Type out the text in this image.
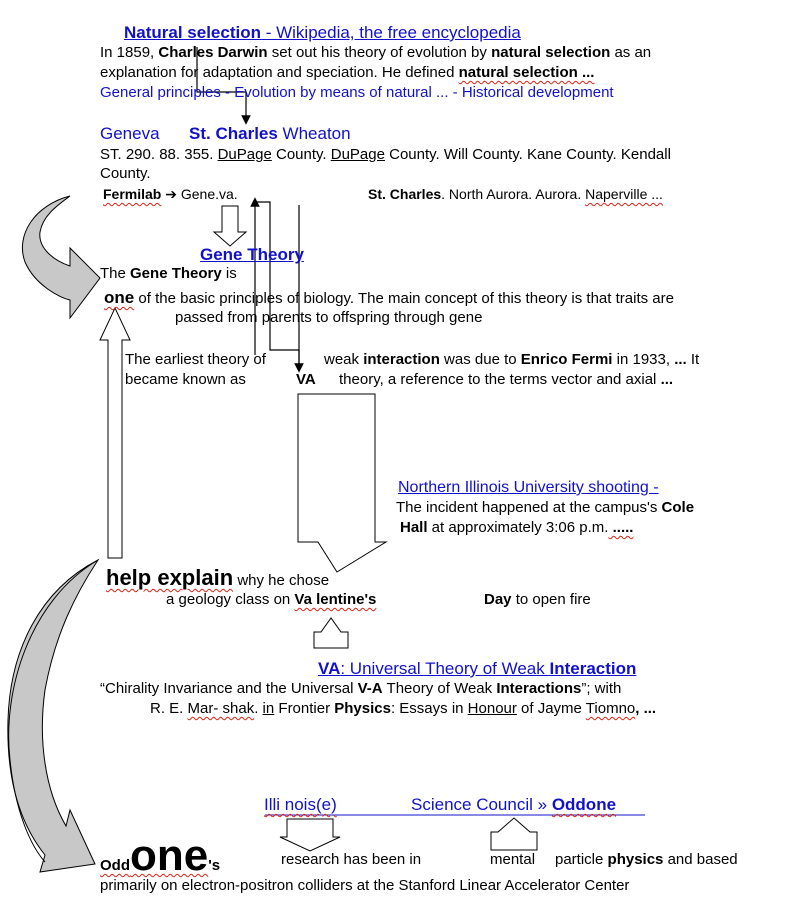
Natural selection - Wikipedia, the free encyclopedia
In 1859, Charles Darwin set out his theory of evolution by natural selection as an
explanation for adaptation and speciation. He defined natural selection ...
General principles - Evolution by means of natural ... - Historical development
Geneva St. Charles Wheaton
ST. 290. 88. 355. DuPage County. DuPage County. Will County. Kane County. Kendall
County.
Fermilab ➔ Gene.va.	St. Charles. North Aurora. Aurora. Naperville ...
Gene Theory
The Gene Theory is
one of the basic principles of biology. The main concept of this theory is that traits are
passed from parents to offspring through gene
The earliest theory of	weak interaction was due to Enrico Fermi in 1933, ... It
became known as	VA theory, a reference to the terms vector and axial ...
Northern Illinois University shooting -
The incident happened at the campus's Cole
Hall at approximately 3:06 p.m. .....
help explain why he chose
a geology class on Va lentine's	Day to open fire
VA: Universal Theory of Weak Interaction
“Chirality Invariance and the Universal V-A Theory of Weak Interactions”; with
R. E. Mar- shak. in Frontier Physics: Essays in Honour of Jayme Tiomno, ...
Illi nois(e)	Science Council » Oddone
Oddone's	research has been in	mental particle physics and based
primarily on electron-positron colliders at the Stanford Linear Accelerator Center
